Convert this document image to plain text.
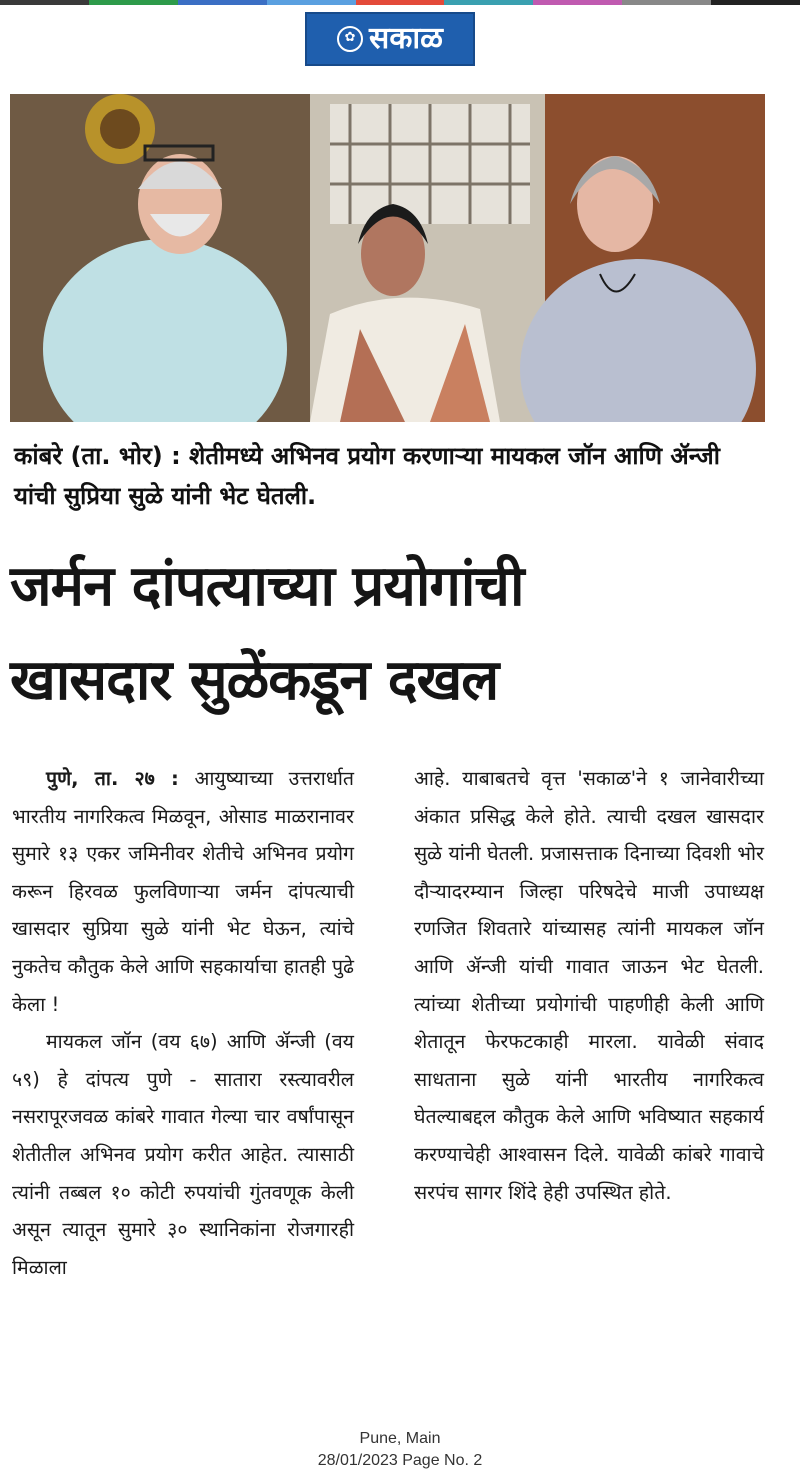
✿ सकाळ
कांबरे (ता. भोर) : शेतीमध्ये अभिनव प्रयोग करणाऱ्या मायकल जॉन आणि ॲन्जी यांची सुप्रिया सुळे यांनी भेट घेतली.
जर्मन दांपत्याच्या प्रयोगांची
खासदार सुळेंकडून दखल

पुणे, ता. २७ : आयुष्याच्या उत्तरार्धात भारतीय नागरिकत्व मिळवून, ओसाड माळरानावर सुमारे १३ एकर जमिनीवर शेतीचे अभिनव प्रयोग करून हिरवळ फुलविणाऱ्या जर्मन दांपत्याची खासदार सुप्रिया सुळे यांनी भेट घेऊन, त्यांचे नुकतेच कौतुक केले आणि सहकार्याचा हातही पुढे केला !

मायकल जॉन (वय ६७) आणि ॲन्जी (वय ५९) हे दांपत्य पुणे - सातारा रस्त्यावरील नसरापूरजवळ कांबरे गावात गेल्या चार वर्षांपासून शेतीतील अभिनव प्रयोग करीत आहेत. त्यासाठी त्यांनी तब्बल १० कोटी रुपयांची गुंतवणूक केली असून त्यातून सुमारे ३० स्थानिकांना रोजगारही मिळाला

आहे. याबाबतचे वृत्त 'सकाळ'ने १ जानेवारीच्या अंकात प्रसिद्ध केले होते. त्याची दखल खासदार सुळे यांनी घेतली. प्रजासत्ताक दिनाच्या दिवशी भोर दौऱ्यादरम्यान जिल्हा परिषदेचे माजी उपाध्यक्ष रणजित शिवतारे यांच्यासह त्यांनी मायकल जॉन आणि ॲन्जी यांची गावात जाऊन भेट घेतली. त्यांच्या शेतीच्या प्रयोगांची पाहणीही केली आणि शेतातून फेरफटकाही मारला. यावेळी संवाद साधताना सुळे यांनी भारतीय नागरिकत्व घेतल्याबद्दल कौतुक केले आणि भविष्यात सहकार्य करण्याचेही आश्वासन दिले. यावेळी कांबरे गावाचे सरपंच सागर शिंदे हेही उपस्थित होते.

Pune, Main
28/01/2023 Page No. 2
